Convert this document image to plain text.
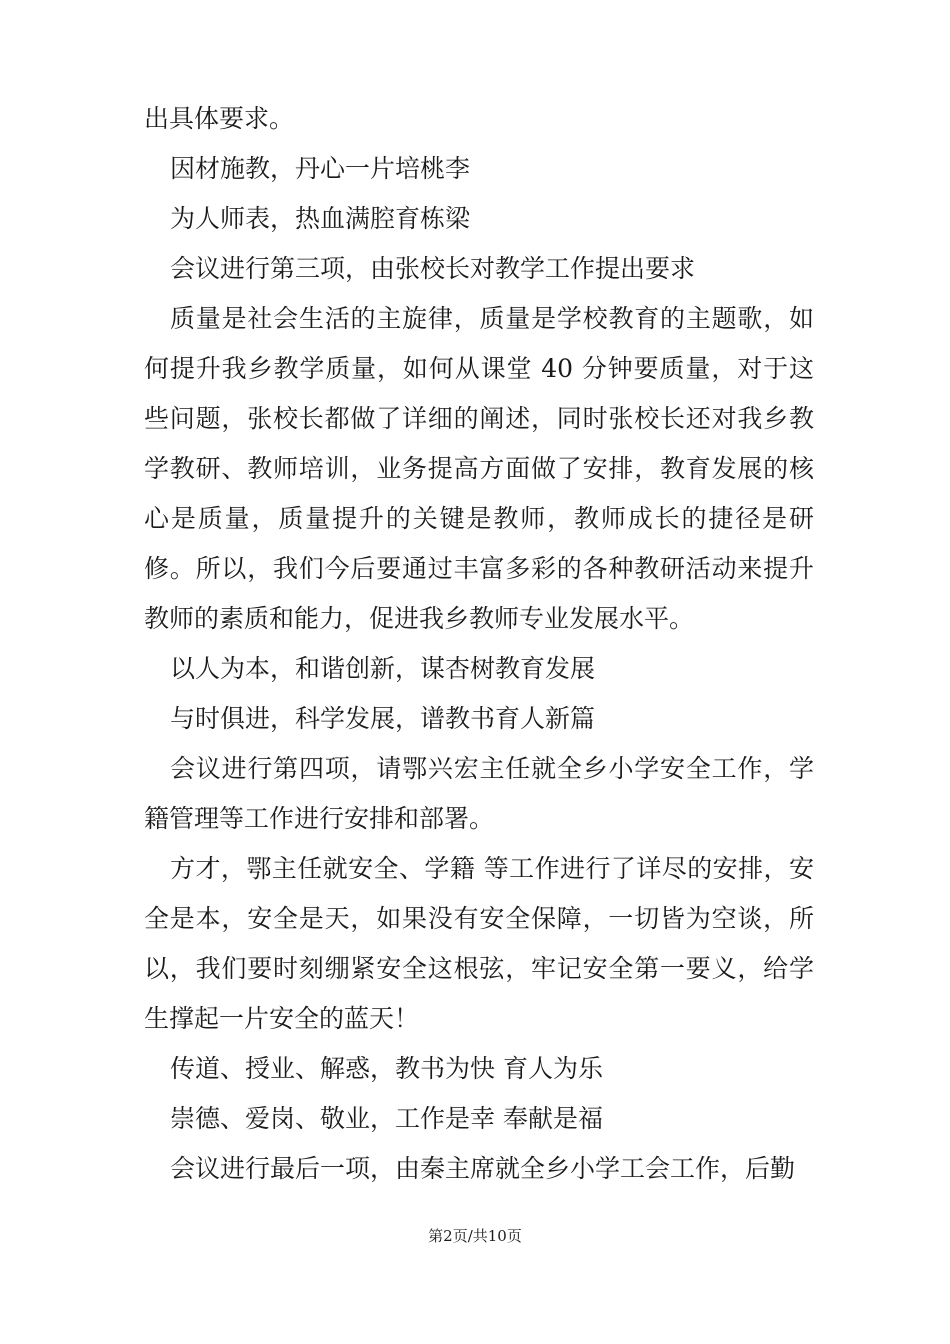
出具体要求。

因材施教，丹心一片培桃李

为人师表，热血满腔育栋梁

会议进行第三项，由张校长对教学工作提出要求

质量是社会生活的主旋律，质量是学校教育的主题歌，如何提升我乡教学质量，如何从课堂 40 分钟要质量，对于这些问题，张校长都做了详细的阐述，同时张校长还对我乡教学教研、教师培训，业务提高方面做了安排，教育发展的核心是质量，质量提升的关键是教师，教师成长的捷径是研修。所以，我们今后要通过丰富多彩的各种教研活动来提升教师的素质和能力，促进我乡教师专业发展水平。

以人为本，和谐创新，谋杏树教育发展

与时俱进，科学发展，谱教书育人新篇

会议进行第四项，请鄂兴宏主任就全乡小学安全工作，学籍管理等工作进行安排和部署。

方才，鄂主任就安全、学籍 等工作进行了详尽的安排，安全是本，安全是天，如果没有安全保障，一切皆为空谈，所以，我们要时刻绷紧安全这根弦，牢记安全第一要义，给学生撑起一片安全的蓝天！

传道、授业、解惑，教书为快 育人为乐

崇德、爱岗、敬业，工作是幸 奉献是福

会议进行最后一项，由秦主席就全乡小学工会工作，后勤

第2页/共10页
